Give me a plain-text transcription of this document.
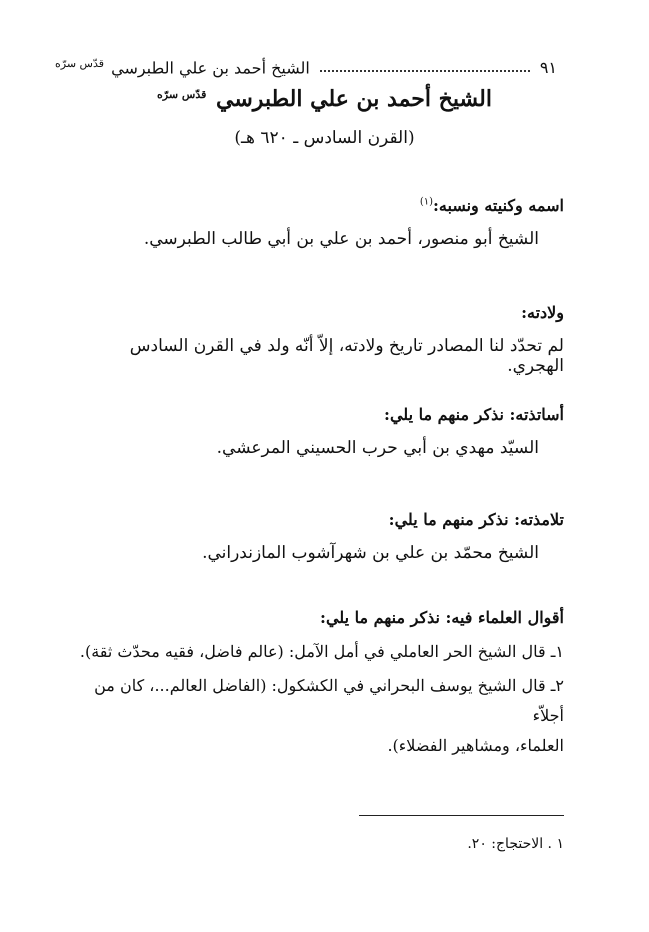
٩١
الشيخ أحمد بن علي الطبرسي $^{قدّس سرّه}$
الشيخ أحمد بن علي الطبرسي $^{قدّس سرّه}$
(القرن السادس ـ ٦٢٠ هـ)
اسمه وكنيته ونسبه:$^{(١)}$
الشيخ أبو منصور، أحمد بن علي بن أبي طالب الطبرسي.
ولادته:
لم تحدّد لنا المصادر تاريخ ولادته، إلاّ أنّه ولد في القرن السادس الهجري.
أساتذته: نذكر منهم ما يلي:
السيّد مهدي بن أبي حرب الحسيني المرعشي.
تلامذته: نذكر منهم ما يلي:
الشيخ محمّد بن علي بن شهرآشوب المازندراني.
أقوال العلماء فيه: نذكر منهم ما يلي:
١ـ قال الشيخ الحر العاملي في أمل الآمل: (عالم فاضل، فقيه محدّث ثقة).
٢ـ قال الشيخ يوسف البحراني في الكشكول: (الفاضل العالم...، كان من أجلاّء
العلماء، ومشاهير الفضلاء).
١ . الاحتجاج: ٢٠.
